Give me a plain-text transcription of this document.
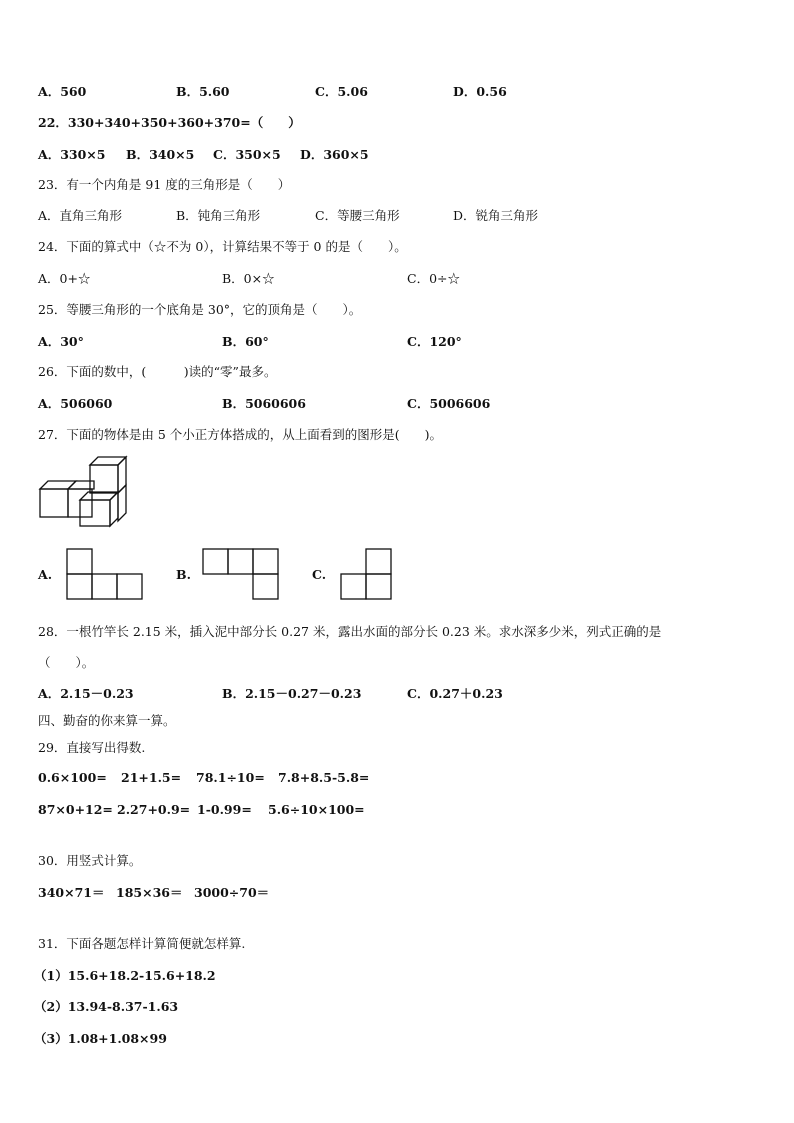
A．560	B．5.60	C．5.06	D．0.56
22．330+340+350+360+370=（　　）
A．330×5 B．340×5 C．350×5 D．360×5
23．有一个内角是 91 度的三角形是（　　）
A．直角三角形	B．钝角三角形	C．等腰三角形	D．锐角三角形
24．下面的算式中（☆不为 0），计算结果不等于 0 的是（　　）。
A．0+☆	B．0×☆	C．0÷☆
25．等腰三角形的一个底角是 30°，它的顶角是（　　）。
A．30°	B．60°	C．120°
26．下面的数中，(　　　)读的“零”最多。
A．506060	B．5060606	C．5006606
27．下面的物体是由 5 个小正方体搭成的，从上面看到的图形是(　　)。
A.	B.	C.
28．一根竹竿长 2.15 米，插入泥中部分长 0.27 米，露出水面的部分长 0.23 米。求水深多少米，列式正确的是
（　　）。
A．2.15－0.23	B．2.15－0.27－0.23	C．0.27＋0.23
四、勤奋的你来算一算。
29．直接写出得数.
0.6×100= 21+1.5= 78.1÷10= 7.8+8.5-5.8=
87×0+12= 2.27+0.9= 1-0.99= 5.6÷10×100=
30．用竖式计算。
340×71＝ 185×36＝ 3000÷70＝
31．下面各题怎样计算简便就怎样算.
（1）15.6+18.2-15.6+18.2
（2）13.94-8.37-1.63
（3）1.08+1.08×99
